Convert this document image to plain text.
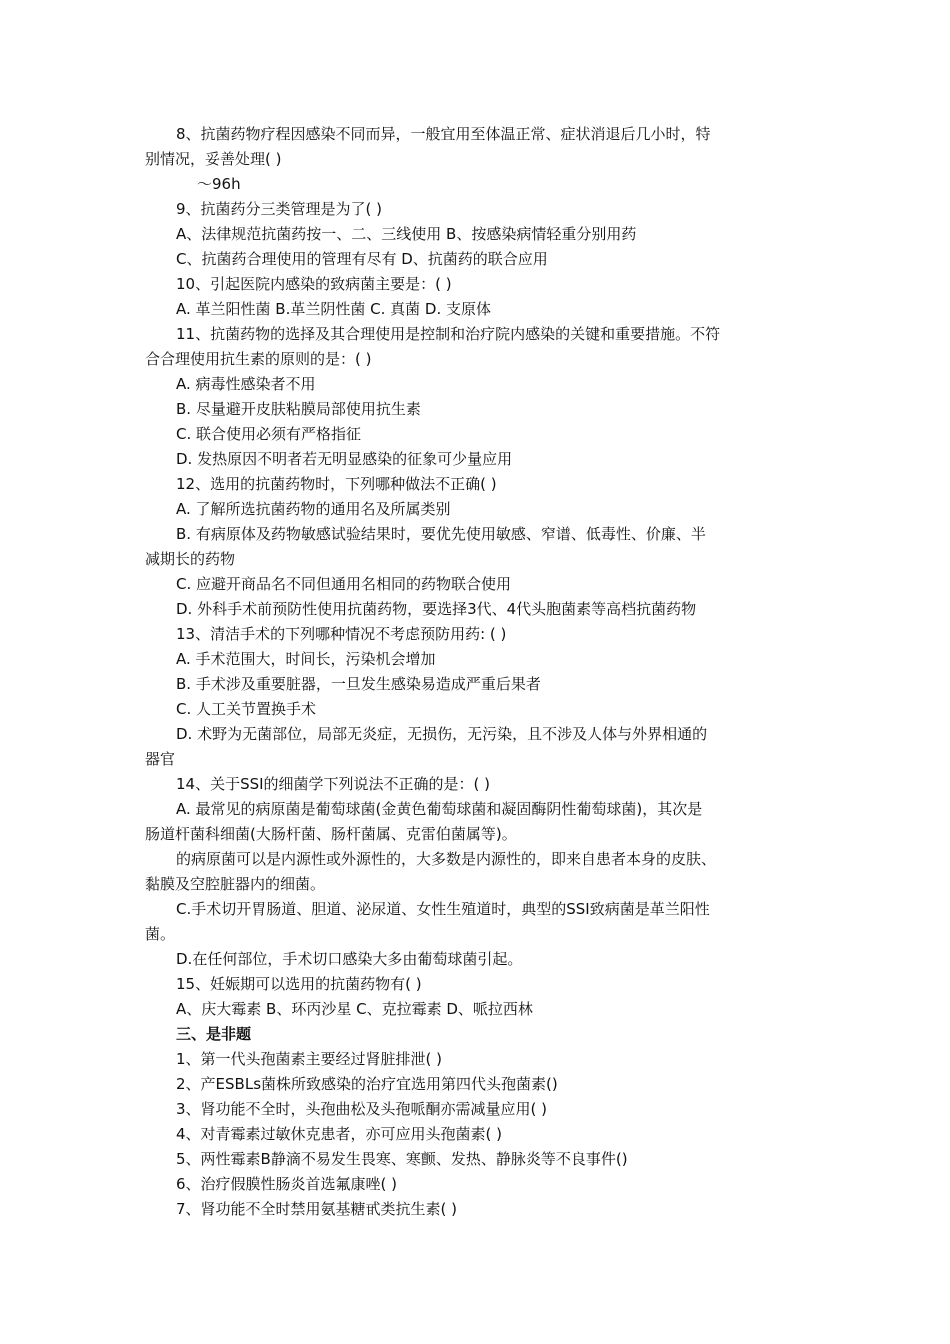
8、抗菌药物疗程因感染不同而异，一般宜用至体温正常、症状消退后几小时，特
别情况，妥善处理( )
～96h
9、抗菌药分三类管理是为了( )
A、法律规范抗菌药按一、二、三线使用 B、按感染病情轻重分别用药
C、抗菌药合理使用的管理有尽有 D、抗菌药的联合应用
10、引起医院内感染的致病菌主要是：( )
A. 革兰阳性菌 B.革兰阴性菌 C. 真菌 D. 支原体
11、抗菌药物的选择及其合理使用是控制和治疗院内感染的关键和重要措施。不符
合合理使用抗生素的原则的是：( )
A. 病毒性感染者不用
B. 尽量避开皮肤粘膜局部使用抗生素
C. 联合使用必须有严格指征
D. 发热原因不明者若无明显感染的征象可少量应用
12、选用的抗菌药物时，下列哪种做法不正确( )
A. 了解所选抗菌药物的通用名及所属类别
B. 有病原体及药物敏感试验结果时，要优先使用敏感、窄谱、低毒性、价廉、半
减期长的药物
C. 应避开商品名不同但通用名相同的药物联合使用
D. 外科手术前预防性使用抗菌药物，要选择3代、4代头胞菌素等高档抗菌药物
13、清洁手术的下列哪种情况不考虑预防用药: ( )
A. 手术范围大，时间长，污染机会增加
B. 手术涉及重要脏器，一旦发生感染易造成严重后果者
C. 人工关节置换手术
D. 术野为无菌部位，局部无炎症，无损伤，无污染，且不涉及人体与外界相通的
器官
14、关于SSI的细菌学下列说法不正确的是：( )
A. 最常见的病原菌是葡萄球菌(金黄色葡萄球菌和凝固酶阴性葡萄球菌)，其次是
肠道杆菌科细菌(大肠杆菌、肠杆菌属、克雷伯菌属等)。
的病原菌可以是内源性或外源性的，大多数是内源性的，即来自患者本身的皮肤、
黏膜及空腔脏器内的细菌。
C.手术切开胃肠道、胆道、泌尿道、女性生殖道时，典型的SSI致病菌是革兰阳性
菌。
D.在任何部位，手术切口感染大多由葡萄球菌引起。
15、妊娠期可以选用的抗菌药物有( )
A、庆大霉素 B、环丙沙星 C、克拉霉素 D、哌拉西林
三、是非题
1、第一代头孢菌素主要经过肾脏排泄( )
2、产ESBLs菌株所致感染的治疗宜选用第四代头孢菌素()
3、肾功能不全时，头孢曲松及头孢哌酮亦需减量应用( )
4、对青霉素过敏休克患者，亦可应用头孢菌素( )
5、两性霉素B静滴不易发生畏寒、寒颤、发热、静脉炎等不良事件()
6、治疗假膜性肠炎首选氟康唑( )
7、肾功能不全时禁用氨基糖甙类抗生素( )
